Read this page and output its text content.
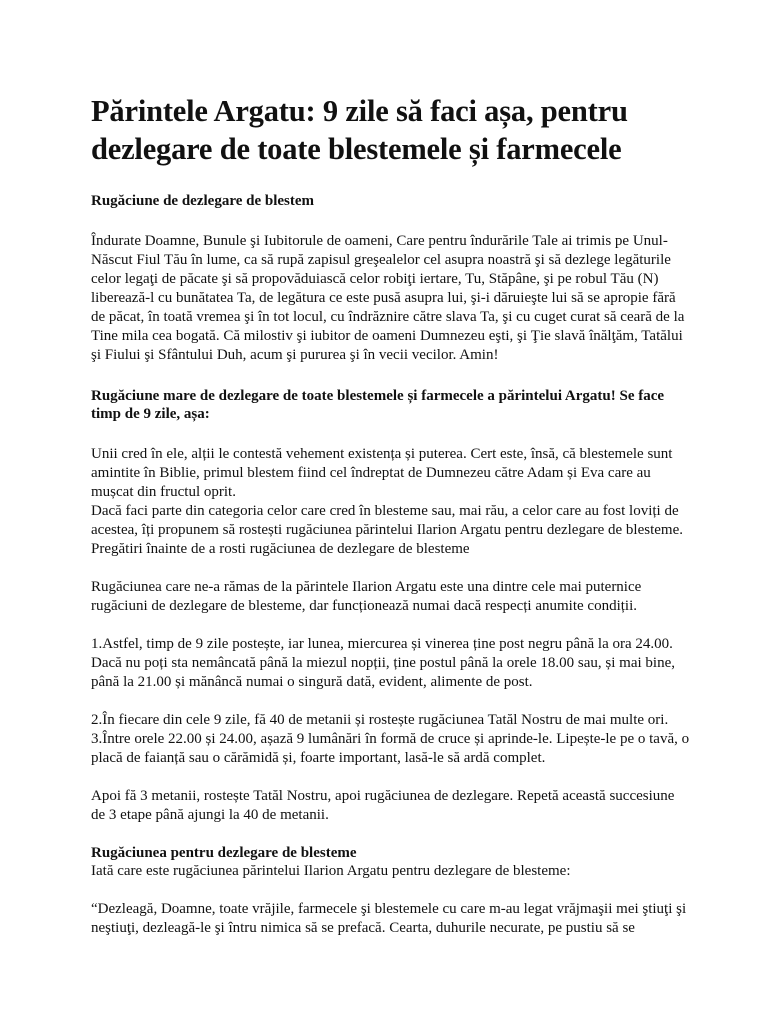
Părintele Argatu: 9 zile să faci așa, pentru dezlegare de toate blestemele și farmecele

Rugăciune de dezlegare de blestem

Îndurate Doamne, Bunule şi Iubitorule de oameni, Care pentru îndurările Tale ai trimis pe Unul-Născut Fiul Tău în lume, ca să rupă zapisul greşealelor cel asupra noastră şi să dezlege legăturile celor legaţi de păcate şi să propovăduiască celor robiţi iertare, Tu, Stăpâne, şi pe robul Tău (N) liberează-l cu bunătatea Ta, de legătura ce este pusă asupra lui, şi-i dăruieşte lui să se apropie fără de păcat, în toată vremea şi în tot locul, cu îndrăznire către slava Ta, şi cu cuget curat să ceară de la Tine mila cea bogată. Că milostiv şi iubitor de oameni Dumnezeu eşti, şi Ţie slavă înălţăm, Tatălui şi Fiului şi Sfântului Duh, acum şi pururea şi în vecii vecilor. Amin!

Rugăciune mare de dezlegare de toate blestemele și farmecele a părintelui Argatu! Se face timp de 9 zile, așa:

Unii cred în ele, alții le contestă vehement existența și puterea. Cert este, însă, că blestemele sunt amintite în Biblie, primul blestem fiind cel îndreptat de Dumnezeu către Adam și Eva care au mușcat din fructul oprit.

Dacă faci parte din categoria celor care cred în blesteme sau, mai rău, a celor care au fost loviți de acestea, îți propunem să rostești rugăciunea părintelui Ilarion Argatu pentru dezlegare de blesteme.

Pregătiri înainte de a rosti rugăciunea de dezlegare de blesteme

Rugăciunea care ne-a rămas de la părintele Ilarion Argatu este una dintre cele mai puternice rugăciuni de dezlegare de blesteme, dar funcționează numai dacă respecți anumite condiții.

1.Astfel, timp de 9 zile postește, iar lunea, miercurea și vinerea ține post negru până la ora 24.00. Dacă nu poți sta nemâncată până la miezul nopții, ține postul până la orele 18.00 sau, și mai bine, până la 21.00 și mănâncă numai o singură dată, evident, alimente de post.

2.În fiecare din cele 9 zile, fă 40 de metanii și rostește rugăciunea Tatăl Nostru de mai multe ori.

3.Între orele 22.00 și 24.00, așază 9 lumânări în formă de cruce și aprinde-le. Lipește-le pe o tavă, o placă de faianță sau o cărămidă și, foarte important, lasă-le să ardă complet.

Apoi fă 3 metanii, rostește Tatăl Nostru, apoi rugăciunea de dezlegare. Repetă această succesiune de 3 etape până ajungi la 40 de metanii.

Rugăciunea pentru dezlegare de blesteme

Iată care este rugăciunea părintelui Ilarion Argatu pentru dezlegare de blesteme:

“Dezleagă, Doamne, toate vrăjile, farmecele şi blestemele cu care m-au legat vrăjmaşii mei ştiuţi şi neştiuţi, dezleagă-le şi întru nimica să se prefacă. Cearta, duhurile necurate, pe pustiu să se
